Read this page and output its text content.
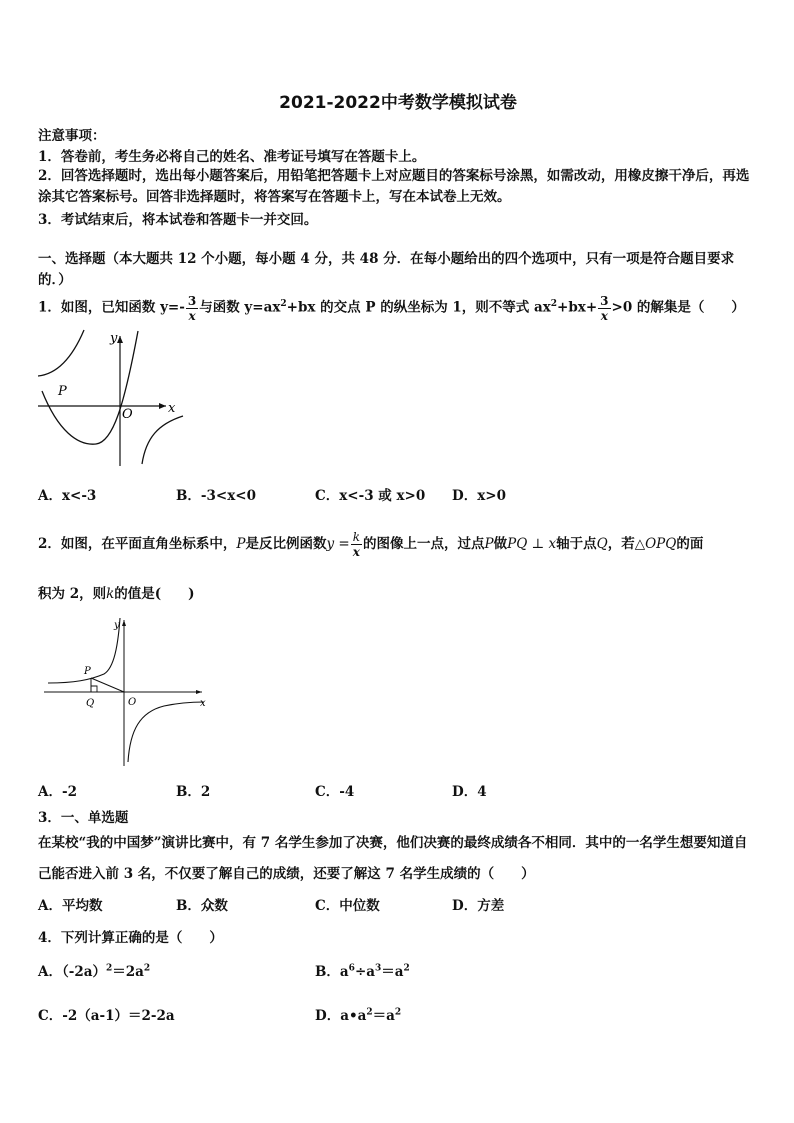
2021-2022中考数学模拟试卷
注意事项：
1．答卷前，考生务必将自己的姓名、准考证号填写在答题卡上。
2．回答选择题时，选出每小题答案后，用铅笔把答题卡上对应题目的答案标号涂黑，如需改动，用橡皮擦干净后，再选涂其它答案标号。回答非选择题时，将答案写在答题卡上，写在本试卷上无效。
3．考试结束后，将本试卷和答题卡一并交回。
一、选择题（本大题共 12 个小题，每小题 4 分，共 48 分．在每小题给出的四个选项中，只有一项是符合题目要求的．）
1．如图，已知函数 $y=- \frac{3}{x}$ 与函数 $y=ax^2+bx$ 的交点 P 的纵坐标为 1，则不等式 $ax^2+bx+ \frac{3}{x} >0$ 的解集是（　　）
y
x
O
P
A．x<-3	B．-3<x<0	C．x<-3 或 x>0 D．x>0
2．如图，在平面直角坐标系中，P是反比例函数$y = \frac{k}{x}$ 的图像上一点，过点P做PQ ⊥ x轴于点Q，若△OPQ的面
积为 2，则k的值是(　　)
y
x
O
P
Q
A．-2	B．2	C．-4	D．4
3．一、单选题
在某校“我的中国梦”演讲比赛中，有 7 名学生参加了决赛，他们决赛的最终成绩各不相同．其中的一名学生想要知道自己能否进入前 3 名，不仅要了解自己的成绩，还要了解这 7 名学生成绩的（　　）
A．平均数	B．众数	C．中位数	D．方差
4．下列计算正确的是（　　）
A．$(-2a)^2=2a^2$	B．$a^6\div a^3=a^2$
C．-2（a-1）＝2-2a	D．$a•a^2=a^2$
